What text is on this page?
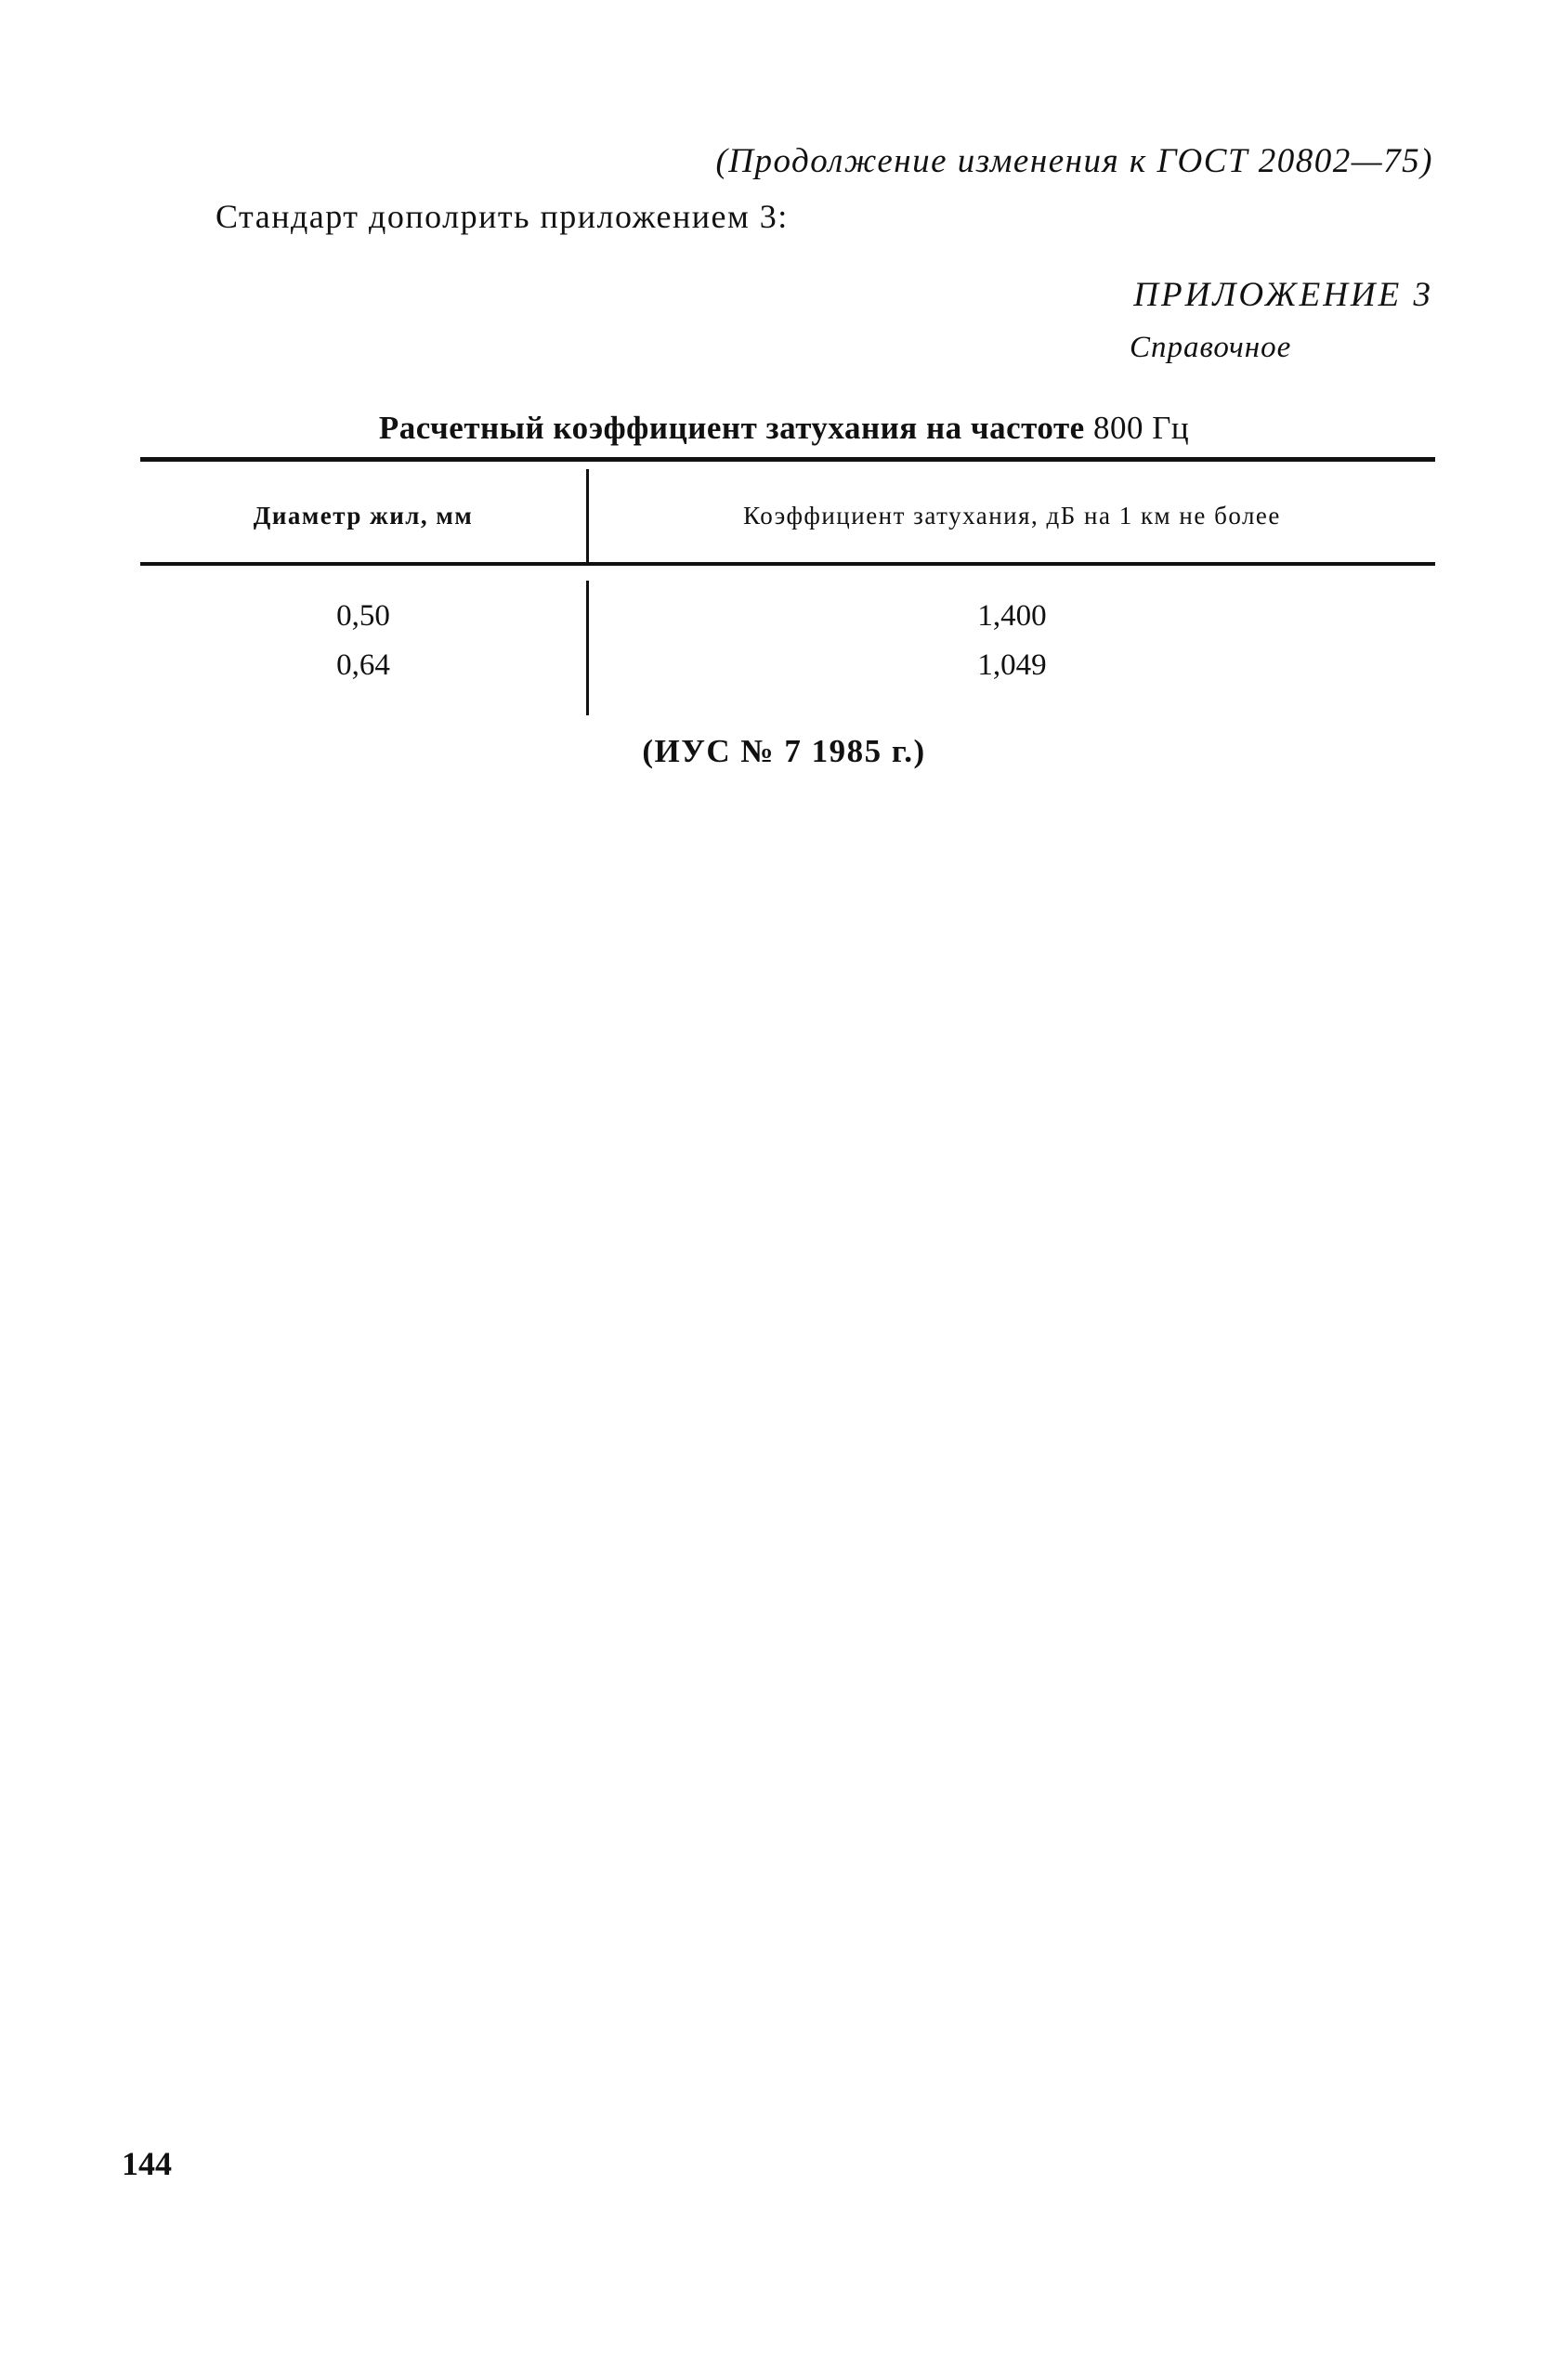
(Продолжение изменения к ГОСТ 20802—75)
Стандарт дополрить приложением 3:
ПРИЛОЖЕНИЕ 3
Справочное
Расчетный коэффициент затухания на частоте 800 Гц
Диаметр жил, мм	Коэффициент затухания, дБ на 1 км не более
0,50	1,400
0,64	1,049
(ИУС № 7 1985 г.)
144
